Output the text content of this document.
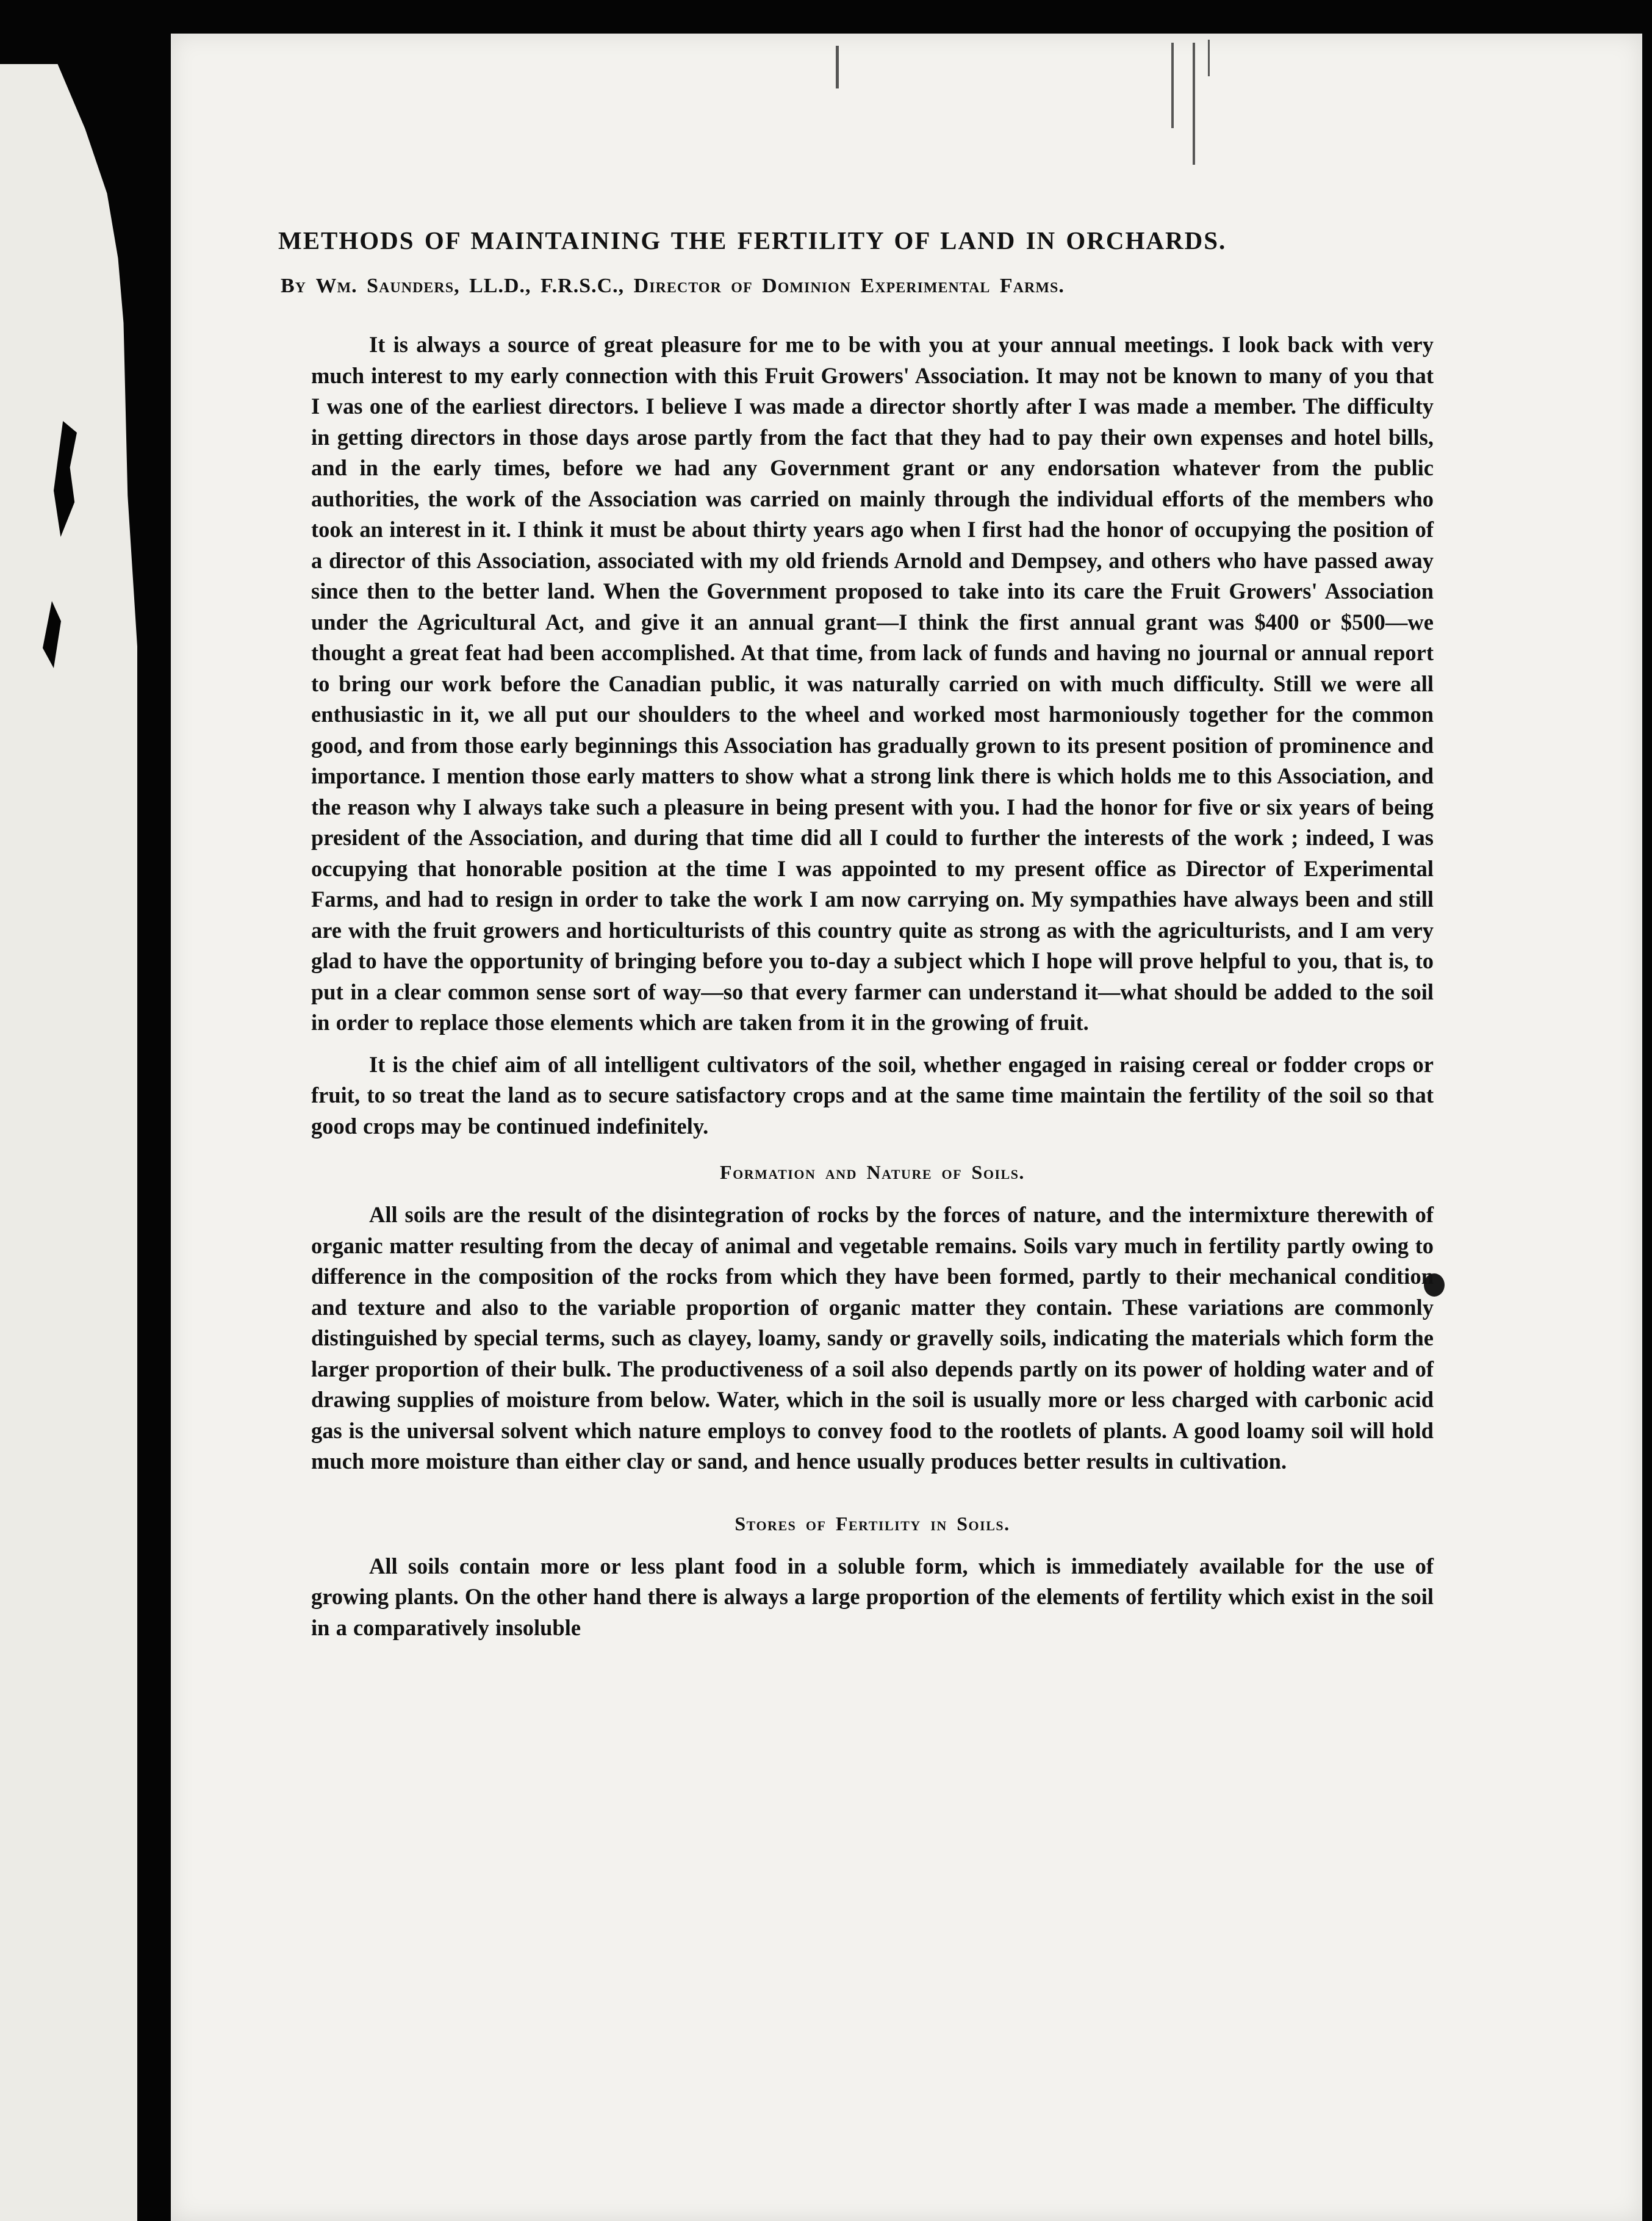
METHODS OF MAINTAINING THE FERTILITY OF LAND IN ORCHARDS.
By Wm. Saunders, LL.D., F.R.S.C., Director of Dominion Experimental Farms.

It is always a source of great pleasure for me to be with you at your annual meetings. I look back with very much interest to my early connection with this Fruit Growers' Association. It may not be known to many of you that I was one of the earliest directors. I believe I was made a director shortly after I was made a member. The difficulty in getting directors in those days arose partly from the fact that they had to pay their own expenses and hotel bills, and in the early times, before we had any Government grant or any endorsation whatever from the public authorities, the work of the Association was carried on mainly through the individual efforts of the members who took an interest in it. I think it must be about thirty years ago when I first had the honor of occupying the position of a director of this Association, associated with my old friends Arnold and Dempsey, and others who have passed away since then to the better land. When the Government proposed to take into its care the Fruit Growers' Association under the Agricultural Act, and give it an annual grant—I think the first annual grant was $400 or $500—we thought a great feat had been accomplished. At that time, from lack of funds and having no journal or annual report to bring our work before the Canadian public, it was naturally carried on with much difficulty. Still we were all enthusiastic in it, we all put our shoulders to the wheel and worked most harmoniously together for the common good, and from those early beginnings this Association has gradually grown to its present position of prominence and importance. I mention those early matters to show what a strong link there is which holds me to this Association, and the reason why I always take such a pleasure in being present with you. I had the honor for five or six years of being president of the Association, and during that time did all I could to further the interests of the work ; indeed, I was occupying that honorable position at the time I was appointed to my present office as Director of Experimental Farms, and had to resign in order to take the work I am now carrying on. My sympathies have always been and still are with the fruit growers and horticulturists of this country quite as strong as with the agriculturists, and I am very glad to have the opportunity of bringing before you to-day a subject which I hope will prove helpful to you, that is, to put in a clear common sense sort of way—so that every farmer can understand it—what should be added to the soil in order to replace those elements which are taken from it in the growing of fruit.

It is the chief aim of all intelligent cultivators of the soil, whether engaged in raising cereal or fodder crops or fruit, to so treat the land as to secure satisfactory crops and at the same time maintain the fertility of the soil so that good crops may be continued indefinitely.

Formation and Nature of Soils.

All soils are the result of the disintegration of rocks by the forces of nature, and the intermixture therewith of organic matter resulting from the decay of animal and vegetable remains. Soils vary much in fertility partly owing to difference in the composition of the rocks from which they have been formed, partly to their mechanical condition and texture and also to the variable proportion of organic matter they contain. These variations are commonly distinguished by special terms, such as clayey, loamy, sandy or gravelly soils, indicating the materials which form the larger proportion of their bulk. The productiveness of a soil also depends partly on its power of holding water and of drawing supplies of moisture from below. Water, which in the soil is usually more or less charged with carbonic acid gas is the universal solvent which nature employs to convey food to the rootlets of plants. A good loamy soil will hold much more moisture than either clay or sand, and hence usually produces better results in cultivation.

Stores of Fertility in Soils.

All soils contain more or less plant food in a soluble form, which is immediately available for the use of growing plants. On the other hand there is always a large proportion of the elements of fertility which exist in the soil in a comparatively insoluble
